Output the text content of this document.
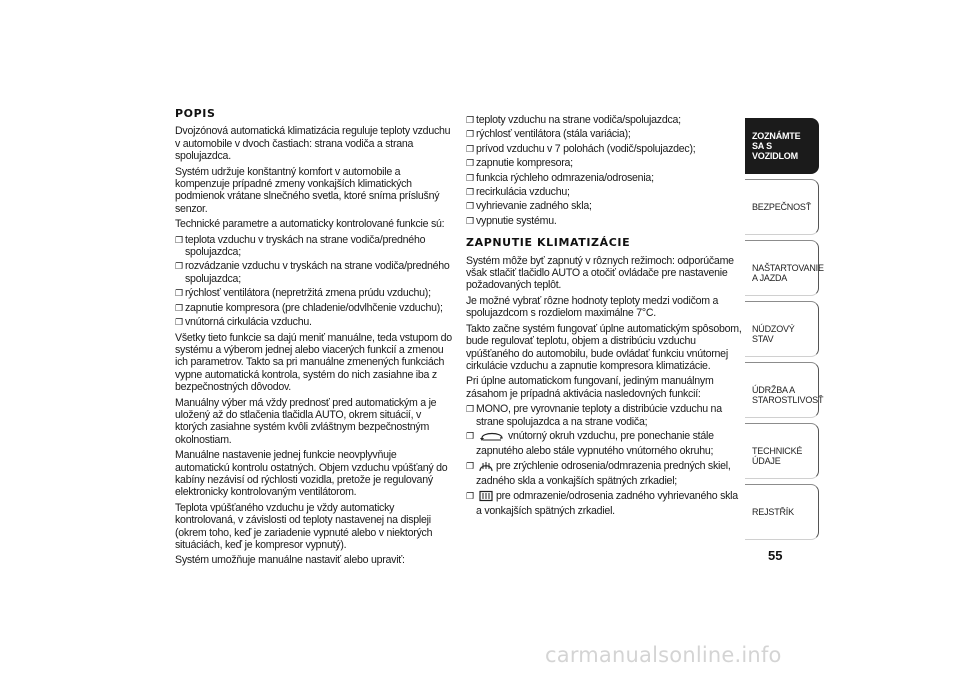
POPIS

Dvojzónová automatická klimatizácia reguluje teploty vzduchu v automobile v dvoch častiach: strana vodiča a strana spolujazdca.

Systém udržuje konštantný komfort v automobile a kompenzuje prípadné zmeny vonkajších klimatických podmienok vrátane slnečného svetla, ktoré sníma príslušný senzor.

Technické parametre a automaticky kontrolované funkcie sú:

❐ teplota vzduchu v tryskách na strane vodiča/predného spolujazdca;
❐ rozvádzanie vzduchu v tryskách na strane vodiča/predného spolujazdca;
❐ rýchlosť ventilátora (nepretržitá zmena prúdu vzduchu);
❐ zapnutie kompresora (pre chladenie/odvlhčenie vzduchu);
❐ vnútorná cirkulácia vzduchu.

Všetky tieto funkcie sa dajú meniť manuálne, teda vstupom do systému a výberom jednej alebo viacerých funkcií a zmenou ich parametrov. Takto sa pri manuálne zmenených funkciách vypne automatická kontrola, systém do nich zasiahne iba z bezpečnostných dôvodov.

Manuálny výber má vždy prednosť pred automatickým a je uložený až do stlačenia tlačidla AUTO, okrem situácií, v ktorých zasiahne systém kvôli zvláštnym bezpečnostným okolnostiam.

Manuálne nastavenie jednej funkcie neovplyvňuje automatickú kontrolu ostatných. Objem vzduchu vpúšťaný do kabíny nezávisí od rýchlosti vozidla, pretože je regulovaný elektronicky kontrolovaným ventilátorom.

Teplota vpúšťaného vzduchu je vždy automaticky kontrolovaná, v závislosti od teploty nastavenej na displeji (okrem toho, keď je zariadenie vypnuté alebo v niektorých situáciách, keď je kompresor vypnutý).

Systém umožňuje manuálne nastaviť alebo upraviť:

❐ teploty vzduchu na strane vodiča/spolujazdca;
❐ rýchlosť ventilátora (stála variácia);
❐ prívod vzduchu v 7 polohách (vodič/spolujazdec);
❐ zapnutie kompresora;
❐ funkcia rýchleho odmrazenia/odrosenia;
❐ recirkulácia vzduchu;
❐ vyhrievanie zadného skla;
❐ vypnutie systému.
ZAPNUTIE KLIMATIZÁCIE

Systém môže byť zapnutý v rôznych režimoch: odporúčame však stlačiť tlačidlo AUTO a otočiť ovládače pre nastavenie požadovaných teplôt.

Je možné vybrať rôzne hodnoty teploty medzi vodičom a spolujazdcom s rozdielom maximálne 7°C.

Takto začne systém fungovať úplne automatickým spôsobom, bude regulovať teplotu, objem a distribúciu vzduchu vpúšťaného do automobilu, bude ovládať funkciu vnútornej cirkulácie vzduchu a zapnutie kompresora klimatizácie.

Pri úplne automatickom fungovaní, jediným manuálnym zásahom je prípadná aktivácia nasledovných funkcií:

❐ MONO, pre vyrovnanie teploty a distribúcie vzduchu na strane spolujazdca a na strane vodiča;
❐	vnútorný okruh vzduchu, pre ponechanie stále zapnutého alebo stále vypnutého vnútorného okruhu;
❐ pre zrýchlenie odrosenia/odmrazenia predných skiel, zadného skla a vonkajších spätných zrkadiel;
❐ pre odmrazenie/odrosenia zadného vyhrievaného skla a vonkajších spätných zrkadiel.
ZOZNÁMTE SA S VOZIDLOM
BEZPEČNOSŤ
NAŠTARTOVANIE A JAZDA
NÚDZOVÝ STAV
ÚDRŽBA A STAROSTLIVOSŤ
TECHNICKÉ ÚDAJE
REJSTŘÍK
55
carmanualsonline.info
